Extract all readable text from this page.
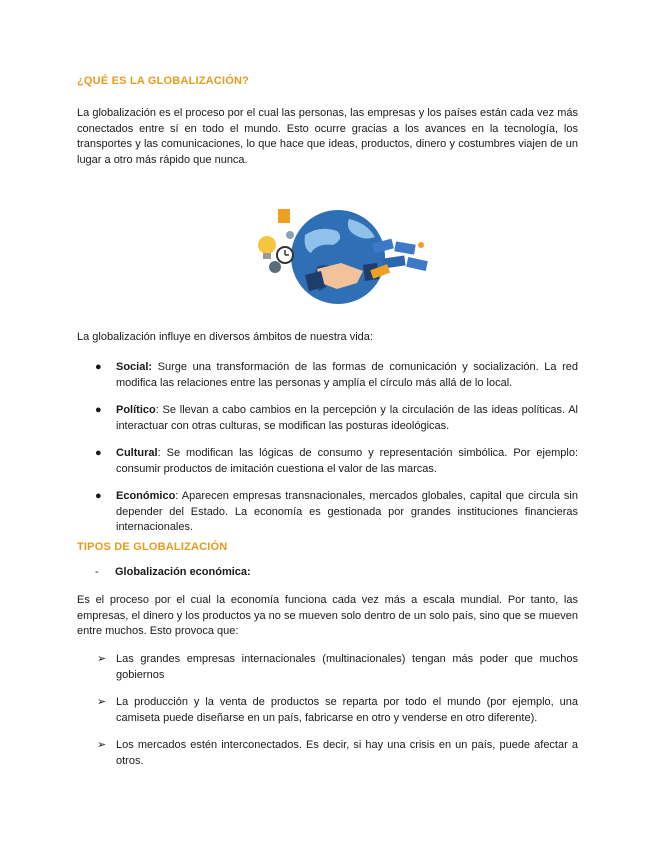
¿QUÉ ES LA GLOBALIZACIÓN?
La globalización es el proceso por el cual las personas, las empresas y los países están cada vez más conectados entre sí en todo el mundo. Esto ocurre gracias a los avances en la tecnología, los transportes y las comunicaciones, lo que hace que ideas, productos, dinero y costumbres viajen de un lugar a otro más rápido que nunca.
La globalización influye en diversos ámbitos de nuestra vida:
● Social: Surge una transformación de las formas de comunicación y socialización. La red modifica las relaciones entre las personas y amplía el círculo más allá de lo local.
● Político: Se llevan a cabo cambios en la percepción y la circulación de las ideas políticas. Al interactuar con otras culturas, se modifican las posturas ideológicas.
● Cultural: Se modifican las lógicas de consumo y representación simbólica. Por ejemplo: consumir productos de imitación cuestiona el valor de las marcas.
● Económico: Aparecen empresas transnacionales, mercados globales, capital que circula sin depender del Estado. La economía es gestionada por grandes instituciones financieras internacionales.
TIPOS DE GLOBALIZACIÓN
- Globalización económica:
Es el proceso por el cual la economía funciona cada vez más a escala mundial. Por tanto, las empresas, el dinero y los productos ya no se mueven solo dentro de un solo país, sino que se mueven entre muchos. Esto provoca que:
➢ Las grandes empresas internacionales (multinacionales) tengan más poder que muchos gobiernos
➢ La producción y la venta de productos se reparta por todo el mundo (por ejemplo, una camiseta puede diseñarse en un país, fabricarse en otro y venderse en otro diferente).
➢ Los mercados estén interconectados. Es decir, si hay una crisis en un país, puede afectar a otros.
